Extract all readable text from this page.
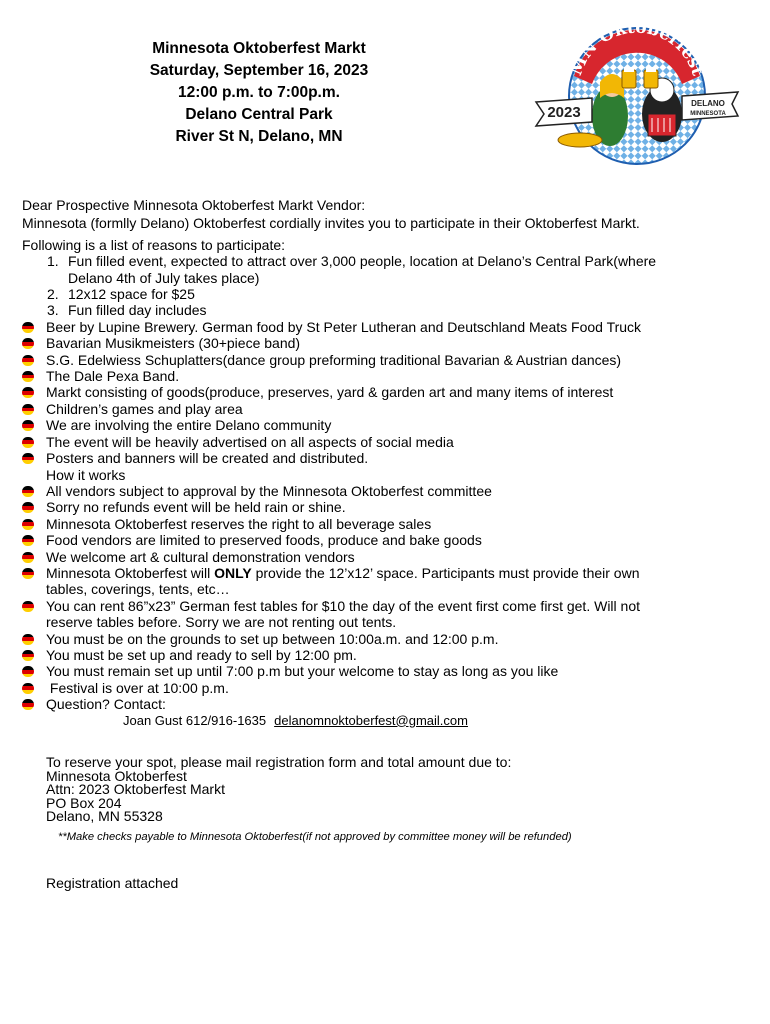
Minnesota Oktoberfest Markt
Saturday, September 16, 2023
12:00 p.m. to 7:00p.m.
Delano Central Park
River St N, Delano, MN
MN Oktoberfest
2023
DELANO
MINNESOTA
Dear Prospective Minnesota Oktoberfest Markt Vendor:
Minnesota (formlly Delano) Oktoberfest cordially invites you to participate in their Oktoberfest Markt.
Following is a list of reasons to participate:
1. Fun filled event, expected to attract over 3,000 people, location at Delano’s Central Park(where
Delano 4th of July takes place)
2. 12x12 space for $25
3. Fun filled day includes
Beer by Lupine Brewery. German food by St Peter Lutheran and Deutschland Meats Food Truck
Bavarian Musikmeisters (30+piece band)
S.G. Edelwiess Schuplatters(dance group preforming traditional Bavarian & Austrian dances)
The Dale Pexa Band.
Markt consisting of goods(produce, preserves, yard & garden art and many items of interest
Children’s games and play area
We are involving the entire Delano community
The event will be heavily advertised on all aspects of social media
Posters and banners will be created and distributed.
How it works
All vendors subject to approval by the Minnesota Oktoberfest committee
Sorry no refunds event will be held rain or shine.
Minnesota Oktoberfest reserves the right to all beverage sales
Food vendors are limited to preserved foods, produce and bake goods
We welcome art & cultural demonstration vendors
Minnesota Oktoberfest will ONLY provide the 12’x12’ space. Participants must provide their own
tables, coverings, tents, etc…
You can rent 86”x23” German fest tables for $10 the day of the event first come first get. Will not
reserve tables before. Sorry we are not renting out tents.
You must be on the grounds to set up between 10:00a.m. and 12:00 p.m.
You must be set up and ready to sell by 12:00 pm.
You must remain set up until 7:00 p.m but your welcome to stay as long as you like
Festival is over at 10:00 p.m.
Question? Contact:
Joan Gust 612/916-1635 delanomnoktoberfest@gmail.com
To reserve your spot, please mail registration form and total amount due to:
Minnesota Oktoberfest
Attn: 2023 Oktoberfest Markt
PO Box 204
Delano, MN 55328
**Make checks payable to Minnesota Oktoberfest(if not approved by committee money will be refunded)
Registration attached
